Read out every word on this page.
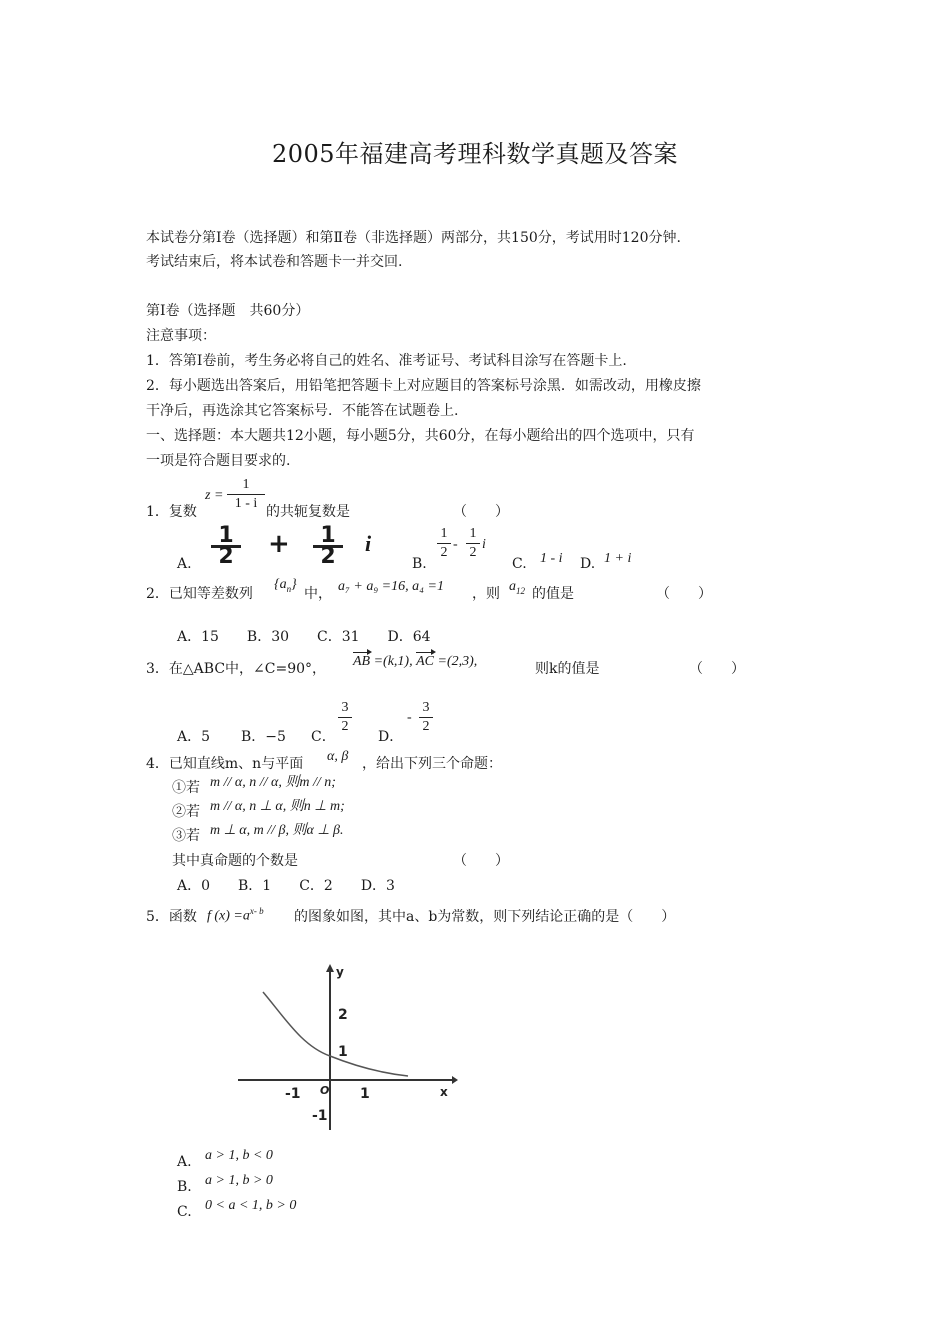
2005年福建高考理科数学真题及答案
本试卷分第Ⅰ卷（选择题）和第Ⅱ卷（非选择题）两部分，共150分，考试用时120分钟.
考试结束后，将本试卷和答题卡一并交回.
第Ⅰ卷（选择题　共60分）
注意事项：
1．答第Ⅰ卷前，考生务必将自己的姓名、准考证号、考试科目涂写在答题卡上.
2．每小题选出答案后，用铅笔把答题卡上对应题目的答案标号涂黑．如需改动，用橡皮擦
干净后，再选涂其它答案标号．不能答在试题卷上.
一、选择题：本大题共12小题，每小题5分，共60分，在每小题给出的四个选项中，只有
一项是符合题目要求的.
1．复数
z =
1
1 - i
的共轭复数是	（　　）
A.
1
2 +	1
2
i
B.
1
2
-
1
2
i
C. 1 - i D. 1 + i
2．已知等差数列
$\{a_n\}$
中， a₇ + a₉ =16, a₄ =1 ，则 $a_{12}$ 的值是	（　　）
A．15　　B．30　　C．31　　D．64
3．在△ABC中，∠C=90°， AB =(k,1), AC =(2,3),	则k的值是	（　　）
A．5 B．−5 C．
3
2
D．
-
3
2
4．已知直线m、n与平面 α, β ，给出下列三个命题：
①若 m // α, n // α, 则m // n;
②若 m // α, n ⊥ α, 则n ⊥ m;
③若 m ⊥ α, m // β, 则α ⊥ β.
其中真命题的个数是	（　　）
A．0　　B．1　　C．2　　D．3
5．函数 f $(x) =a^{x- b}$ 的图象如图，其中a、b为常数，则下列结论正确的是（　　）
y
x
O
2
1
-1
-1	1
A. a > 1, b < 0
B. a > 1, b > 0
C. 0 < a < 1, b > 0
